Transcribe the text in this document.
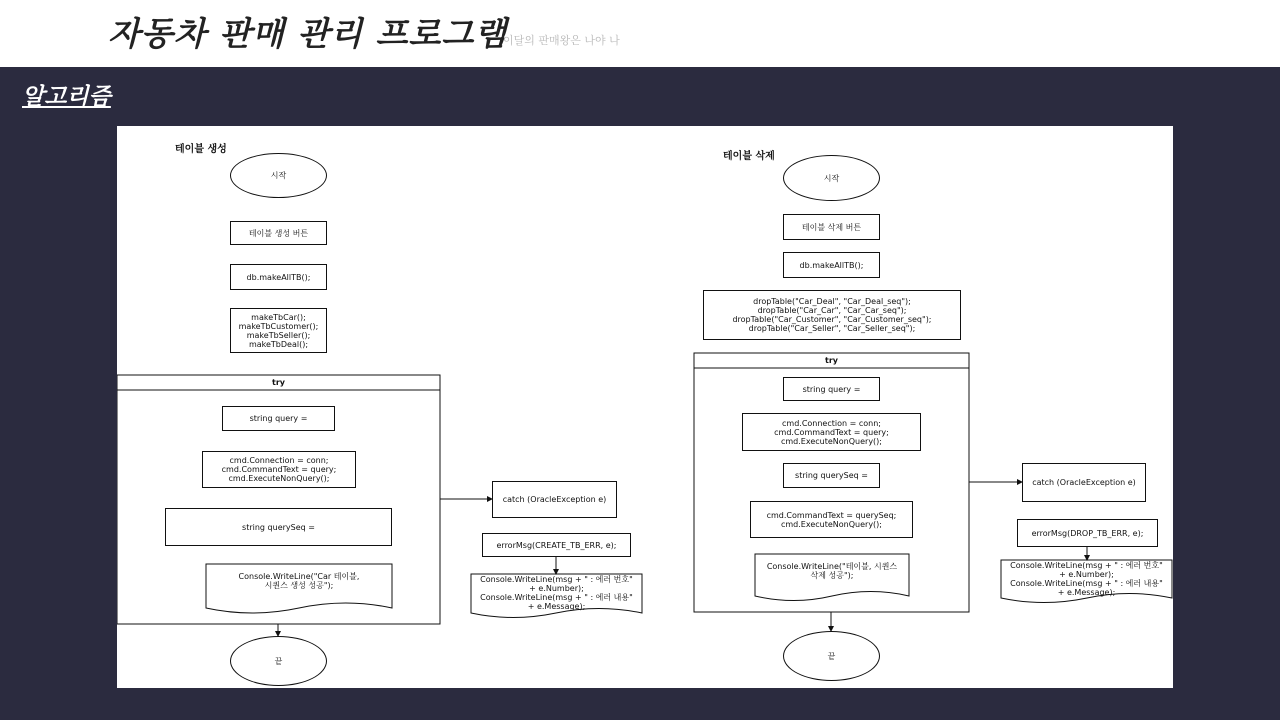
자동차 판매 관리 프로그램
이달의 판매왕은 나야 나
알고리즘
테이블 생성
시작
테이블 생성 버튼
db.makeAllTB();
makeTbCar();
makeTbCustomer();
makeTbSeller();
makeTbDeal();
try
string query =
cmd.Connection = conn;
cmd.CommandText = query;
cmd.ExecuteNonQuery();
string querySeq =
Console.WriteLine("Car 테이블,
시퀀스 생성 성공");
catch (OracleException e)
errorMsg(CREATE_TB_ERR, e);
Console.WriteLine(msg + " : 에러 번호"
+ e.Number);
Console.WriteLine(msg + " : 에러 내용"
+ e.Message);
끝
테이블 삭제
시작
테이블 삭제 버튼
db.makeAllTB();
dropTable("Car_Deal", "Car_Deal_seq");
dropTable("Car_Car", "Car_Car_seq");
dropTable("Car_Customer", "Car_Customer_seq");
dropTable("Car_Seller", "Car_Seller_seq");
try
string query =
cmd.Connection = conn;
cmd.CommandText = query;
cmd.ExecuteNonQuery();
string querySeq =
cmd.CommandText = querySeq;
cmd.ExecuteNonQuery();
Console.WriteLine("테이블, 시퀀스
삭제 성공");
catch (OracleException e)
errorMsg(DROP_TB_ERR, e);
Console.WriteLine(msg + " : 에러 번호"
+ e.Number);
Console.WriteLine(msg + " : 에러 내용"
+ e.Message);
끝
